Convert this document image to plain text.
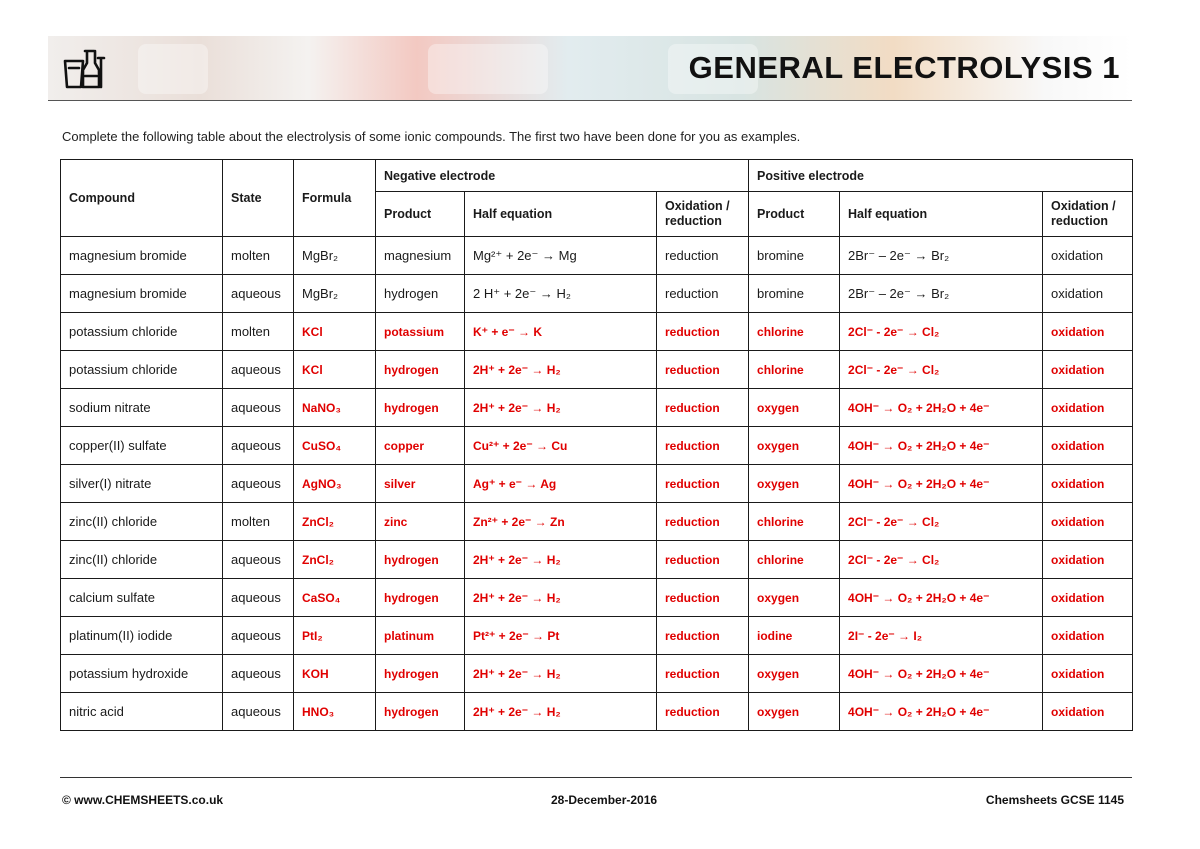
GENERAL ELECTROLYSIS 1
Complete the following table about the electrolysis of some ionic compounds. The first two have been done for you as examples.
Compound	State	Formula	Negative electrode			Positive electrode		
			Product	Half equation	Oxidation / reduction	Product	Half equation	Oxidation / reduction
magnesium bromide	molten	MgBr₂	magnesium	Mg²⁺ + 2e⁻ → Mg	reduction	bromine	2Br⁻ – 2e⁻ → Br₂	oxidation
magnesium bromide	aqueous	MgBr₂	hydrogen	2 H⁺ + 2e⁻ → H₂	reduction	bromine	2Br⁻ – 2e⁻ → Br₂	oxidation
potassium chloride	molten	KCl	potassium	K⁺ + e⁻ → K	reduction	chlorine	2Cl⁻ - 2e⁻ → Cl₂	oxidation
potassium chloride	aqueous	KCl	hydrogen	2H⁺ + 2e⁻ → H₂	reduction	chlorine	2Cl⁻ - 2e⁻ → Cl₂	oxidation
sodium nitrate	aqueous	NaNO₃	hydrogen	2H⁺ + 2e⁻ → H₂	reduction	oxygen	4OH⁻ → O₂ + 2H₂O + 4e⁻	oxidation
copper(II) sulfate	aqueous	CuSO₄	copper	Cu²⁺ + 2e⁻ → Cu	reduction	oxygen	4OH⁻ → O₂ + 2H₂O + 4e⁻	oxidation
silver(I) nitrate	aqueous	AgNO₃	silver	Ag⁺ + e⁻ → Ag	reduction	oxygen	4OH⁻ → O₂ + 2H₂O + 4e⁻	oxidation
zinc(II) chloride	molten	ZnCl₂	zinc	Zn²⁺ + 2e⁻ → Zn	reduction	chlorine	2Cl⁻ - 2e⁻ → Cl₂	oxidation
zinc(II) chloride	aqueous	ZnCl₂	hydrogen	2H⁺ + 2e⁻ → H₂	reduction	chlorine	2Cl⁻ - 2e⁻ → Cl₂	oxidation
calcium sulfate	aqueous	CaSO₄	hydrogen	2H⁺ + 2e⁻ → H₂	reduction	oxygen	4OH⁻ → O₂ + 2H₂O + 4e⁻	oxidation
platinum(II) iodide	aqueous	PtI₂	platinum	Pt²⁺ + 2e⁻ → Pt	reduction	iodine	2I⁻ - 2e⁻ → I₂	oxidation
potassium hydroxide	aqueous	KOH	hydrogen	2H⁺ + 2e⁻ → H₂	reduction	oxygen	4OH⁻ → O₂ + 2H₂O + 4e⁻	oxidation
nitric acid	aqueous	HNO₃	hydrogen	2H⁺ + 2e⁻ → H₂	reduction	oxygen	4OH⁻ → O₂ + 2H₂O + 4e⁻	oxidation
© www.CHEMSHEETS.co.uk	28-December-2016	Chemsheets GCSE 1145
